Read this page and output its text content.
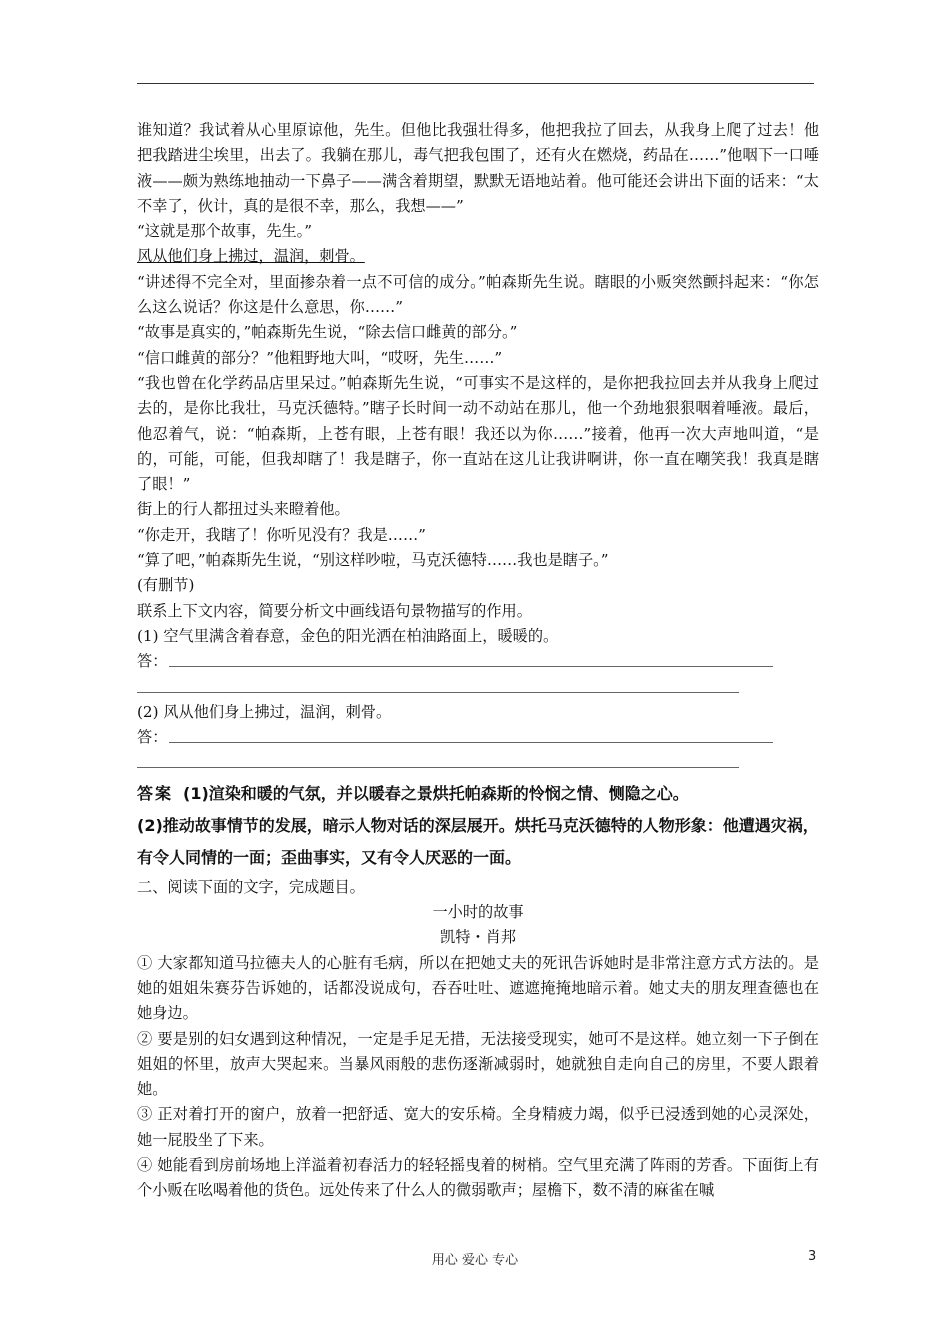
谁知道？我试着从心里原谅他，先生。但他比我强壮得多，他把我拉了回去，从我身上爬了过去！他把我踏进尘埃里，出去了。我躺在那儿，毒气把我包围了，还有火在燃烧，药品在……”他咽下一口唾液——颇为熟练地抽动一下鼻子——满含着期望，默默无语地站着。他可能还会讲出下面的话来：“太不幸了，伙计，真的是很不幸，那么，我想——”

“这就是那个故事，先生。”

风从他们身上拂过，温润，刺骨。

“讲述得不完全对，里面掺杂着一点不可信的成分。”帕森斯先生说。瞎眼的小贩突然颤抖起来：“你怎么这么说话？你这是什么意思，你……”

“故事是真实的，”帕森斯先生说，“除去信口雌黄的部分。”

“信口雌黄的部分？”他粗野地大叫，“哎呀，先生……”

“我也曾在化学药品店里呆过。”帕森斯先生说，“可事实不是这样的，是你把我拉回去并从我身上爬过去的，是你比我壮，马克沃德特。”瞎子长时间一动不动站在那儿，他一个劲地狠狠咽着唾液。最后，他忍着气，说：“帕森斯，上苍有眼，上苍有眼！我还以为你……”接着，他再一次大声地叫道，“是的，可能，可能，但我却瞎了！我是瞎子，你一直站在这儿让我讲啊讲，你一直在嘲笑我！我真是瞎了眼！”

街上的行人都扭过头来瞪着他。

“你走开，我瞎了！你听见没有？我是……”

“算了吧，”帕森斯先生说，“别这样吵啦，马克沃德特……我也是瞎子。”

(有删节)

联系上下文内容，简要分析文中画线语句景物描写的作用。

(1) 空气里满含着春意，金色的阳光洒在柏油路面上，暖暖的。

答：

(2) 风从他们身上拂过，温润，刺骨。

答：
答案 (1)渲染和暖的气氛，并以暖春之景烘托帕森斯的怜悯之情、恻隐之心。
(2)推动故事情节的发展，暗示人物对话的深层展开。烘托马克沃德特的人物形象：他遭遇灾祸，有令人同情的一面；歪曲事实，又有令人厌恶的一面。

二、阅读下面的文字，完成题目。

一小时的故事

凯特・肖邦

① 大家都知道马拉德夫人的心脏有毛病，所以在把她丈夫的死讯告诉她时是非常注意方式方法的。是她的姐姐朱赛芬告诉她的，话都没说成句，吞吞吐吐、遮遮掩掩地暗示着。她丈夫的朋友理查德也在她身边。

② 要是别的妇女遇到这种情况，一定是手足无措，无法接受现实，她可不是这样。她立刻一下子倒在姐姐的怀里，放声大哭起来。当暴风雨般的悲伤逐渐减弱时，她就独自走向自己的房里，不要人跟着她。

③ 正对着打开的窗户，放着一把舒适、宽大的安乐椅。全身精疲力竭，似乎已浸透到她的心灵深处，她一屁股坐了下来。

④ 她能看到房前场地上洋溢着初春活力的轻轻摇曳着的树梢。空气里充满了阵雨的芳香。下面街上有个小贩在吆喝着他的货色。远处传来了什么人的微弱歌声；屋檐下，数不清的麻雀在嘁

用心 爱心 专心	3
